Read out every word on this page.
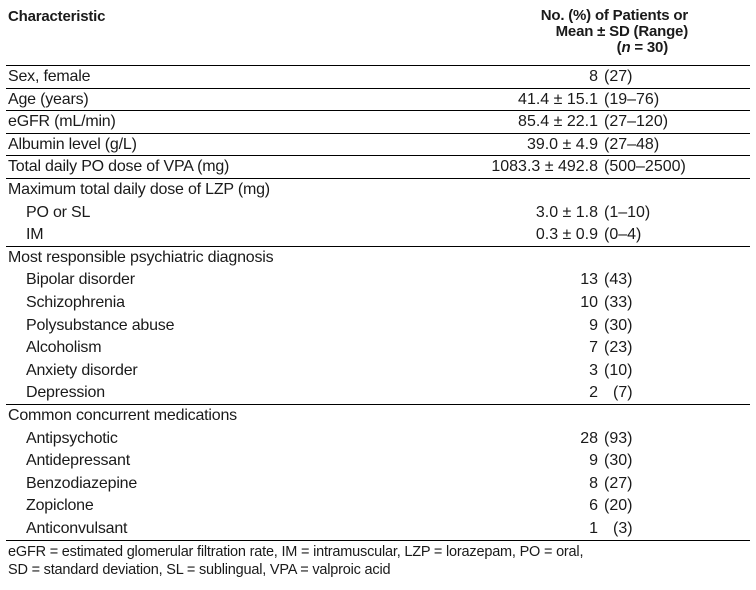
Characteristic	No. (%) of Patients or
Mean ± SD (Range)
(n = 30)
Sex, female	8 (27)
Age (years)	41.4 ± 15.1 (19–76)
eGFR (mL/min)	85.4 ± 22.1 (27–120)
Albumin level (g/L)	39.0 ± 4.9 (27–48)
Total daily PO dose of VPA (mg)	1083.3 ± 492.8 (500–2500)
Maximum total daily dose of LZP (mg)
PO or SL	3.0 ± 1.8 (1–10)
IM	0.3 ± 0.9 (0–4)
Most responsible psychiatric diagnosis
Bipolar disorder	13 (43)
Schizophrenia	10 (33)
Polysubstance abuse	9 (30)
Alcoholism	7 (23)
Anxiety disorder	3 (10)
Depression	2 (7)
Common concurrent medications
Antipsychotic	28 (93)
Antidepressant	9 (30)
Benzodiazepine	8 (27)
Zopiclone	6 (20)
Anticonvulsant	1 (3)
eGFR = estimated glomerular filtration rate, IM = intramuscular, LZP = lorazepam, PO = oral,
SD = standard deviation, SL = sublingual, VPA = valproic acid
